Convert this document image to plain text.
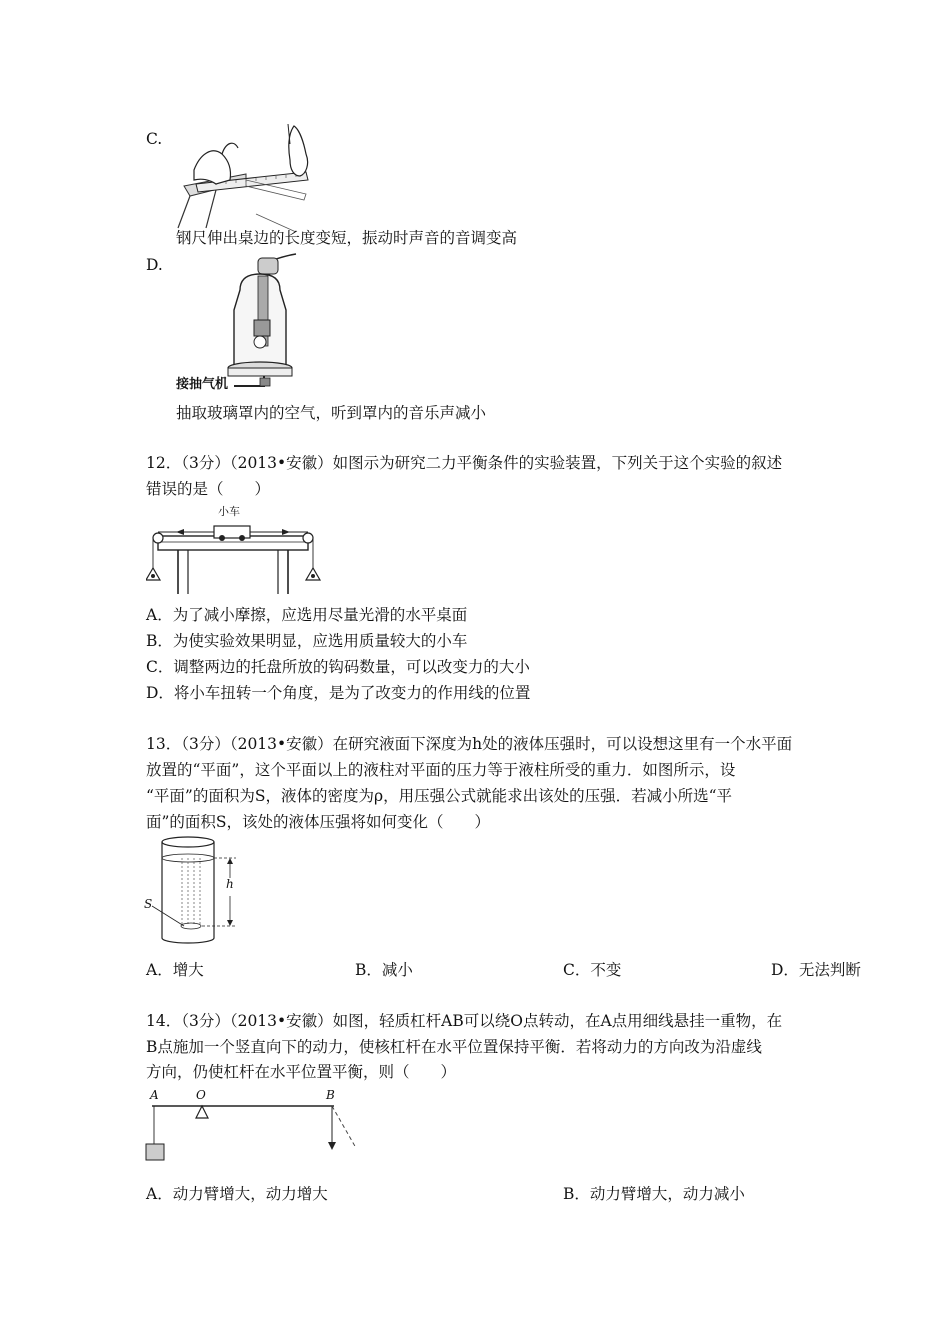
C.
钢尺伸出桌边的长度变短，振动时声音的音调变高
D.
接抽气机
抽取玻璃罩内的空气，听到罩内的音乐声减小
12．（3分）（2013•安徽）如图示为研究二力平衡条件的实验装置，下列关于这个实验的叙述
错误的是（　　）
小车
A．为了减小摩擦，应选用尽量光滑的水平桌面
B．为使实验效果明显，应选用质量较大的小车
C．调整两边的托盘所放的钩码数量，可以改变力的大小
D．将小车扭转一个角度，是为了改变力的作用线的位置
13．（3分）（2013•安徽）在研究液面下深度为h处的液体压强时，可以设想这里有一个水平面
放置的“平面”，这个平面以上的液柱对平面的压力等于液柱所受的重力．如图所示，设
“平面”的面积为S，液体的密度为ρ，用压强公式就能求出该处的压强．若减小所选“平
面”的面积S，该处的液体压强将如何变化（　　）
h
S
A．增大	B．减小	C．不变	D．无法判断
14．（3分）（2013•安徽）如图，轻质杠杆AB可以绕O点转动，在A点用细线悬挂一重物，在
B点施加一个竖直向下的动力，使核杠杆在水平位置保持平衡．若将动力的方向改为沿虚线
方向，仍使杠杆在水平位置平衡，则（　　）
A	O	B
A．动力臂增大，动力增大	B．动力臂增大，动力减小
